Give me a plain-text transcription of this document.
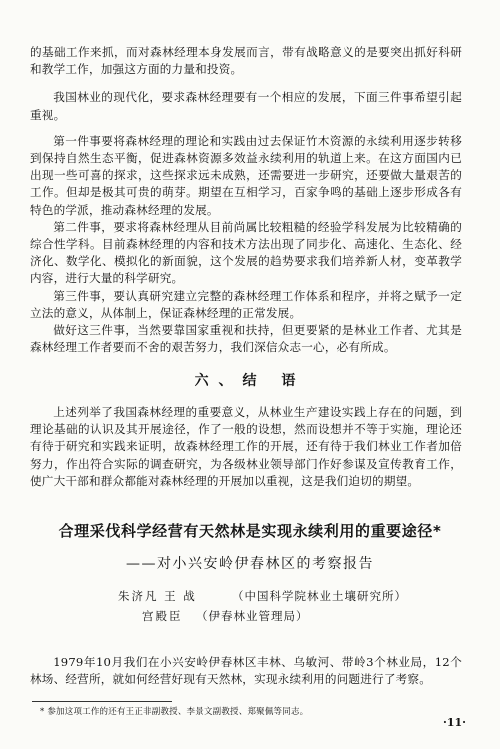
的基础工作来抓，而对森林经理本身发展而言，带有战略意义的是要突出抓好科研和教学工作，加强这方面的力量和投资。

我国林业的现代化，要求森林经理要有一个相应的发展，下面三件事希望引起重视。

第一件事要将森林经理的理论和实践由过去保证竹木资源的永续利用逐步转移到保持自然生态平衡，促进森林资源多效益永续利用的轨道上来。在这方面国内已出现一些可喜的探求，这些探求远未成熟，还需要进一步研究，还要做大量艰苦的工作。但却是极其可贵的萌芽。期望在互相学习，百家争鸣的基础上逐步形成各有特色的学派，推动森林经理的发展。

第二件事，要求将森林经理从目前尚属比较粗糙的经验学科发展为比较精确的综合性学科。目前森林经理的内容和技术方法出现了同步化、高速化、生态化、经济化、数学化、模拟化的新面貌，这个发展的趋势要求我们培养新人材，变革教学内容，进行大量的科学研究。

第三件事，要认真研究建立完整的森林经理工作体系和程序，并将之赋予一定立法的意义，从体制上，保证森林经理的正常发展。

做好这三件事，当然要靠国家重视和扶持，但更要紧的是林业工作者、尤其是森林经理工作者要而不舍的艰苦努力，我们深信众志一心，必有所成。

六、结 语

上述列举了我国森林经理的重要意义，从林业生产建设实践上存在的问题，到理论基础的认识及其开展途径，作了一般的设想，然而设想并不等于实施，理论还有待于研究和实践来证明，故森林经理工作的开展，还有待于我们林业工作者加倍努力，作出符合实际的调查研究，为各级林业领导部门作好参谋及宣传教育工作，使广大干部和群众都能对森林经理的开展加以重视，这是我们迫切的期望。

合理采伐科学经营有天然林是实现永续利用的重要途径*
——对小兴安岭伊春林区的考察报告
朱济凡 王 战	（中国科学院林业土壤研究所）
宫殿臣 （伊春林业管理局）

1979年10月我们在小兴安岭伊春林区丰林、乌敏河、带岭3个林业局，12个林场、经营所，就如何经营好现有天然林，实现永续利用的问题进行了考察。

* 参加这项工作的还有王正非副教授、李景文副教授、郑聚佩等同志。
·11·
